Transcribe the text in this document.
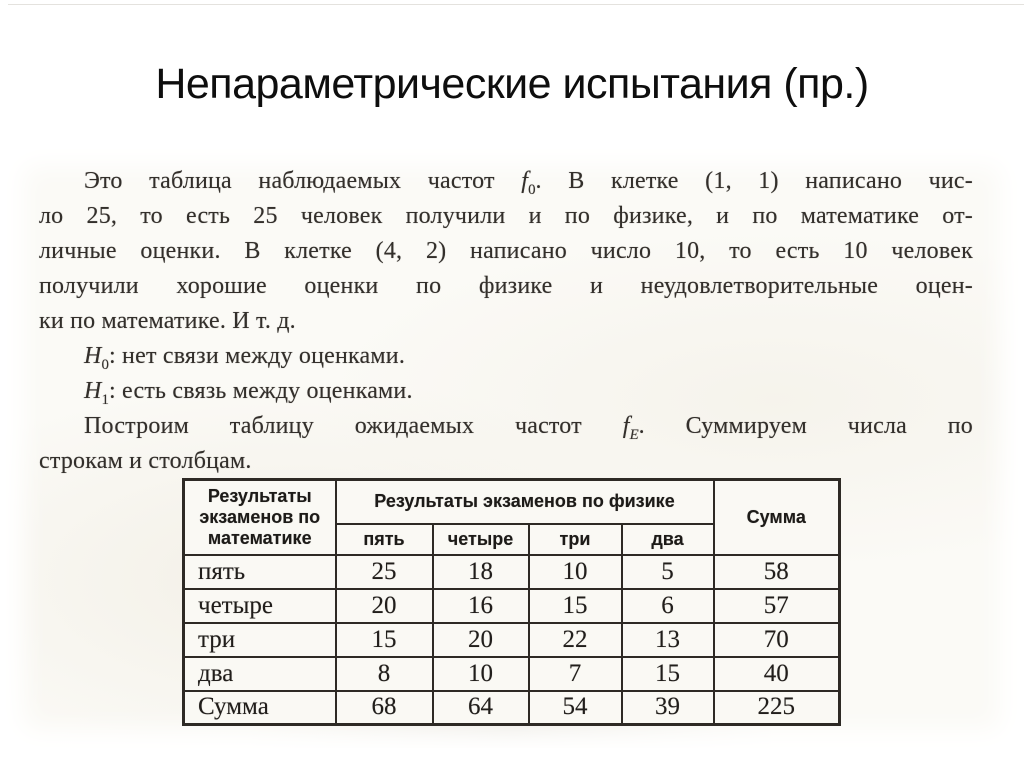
Непараметрические испытания (пр.)
Это таблица наблюдаемых частот $f_0$. В клетке (1, 1) написано чис-
ло 25, то есть 25 человек получили и по физике, и по математике от-
личные оценки. В клетке (4, 2) написано число 10, то есть 10 человек
получили хорошие оценки по физике и неудовлетворительные оцен-
ки по математике. И т. д.
$H_0$: нет связи между оценками.
$H_1$: есть связь между оценками.
Построим таблицу ожидаемых частот $f_E$. Суммируем числа по
строкам и столбцам.
Результаты экзаменов по математике	Результаты экзаменов по физике				Сумма
	пять	четыре	три	два	
пять	25	18	10	5	58
четыре	20	16	15	6	57
три	15	20	22	13	70
два	8	10	7	15	40
Сумма	68	64	54	39	225
